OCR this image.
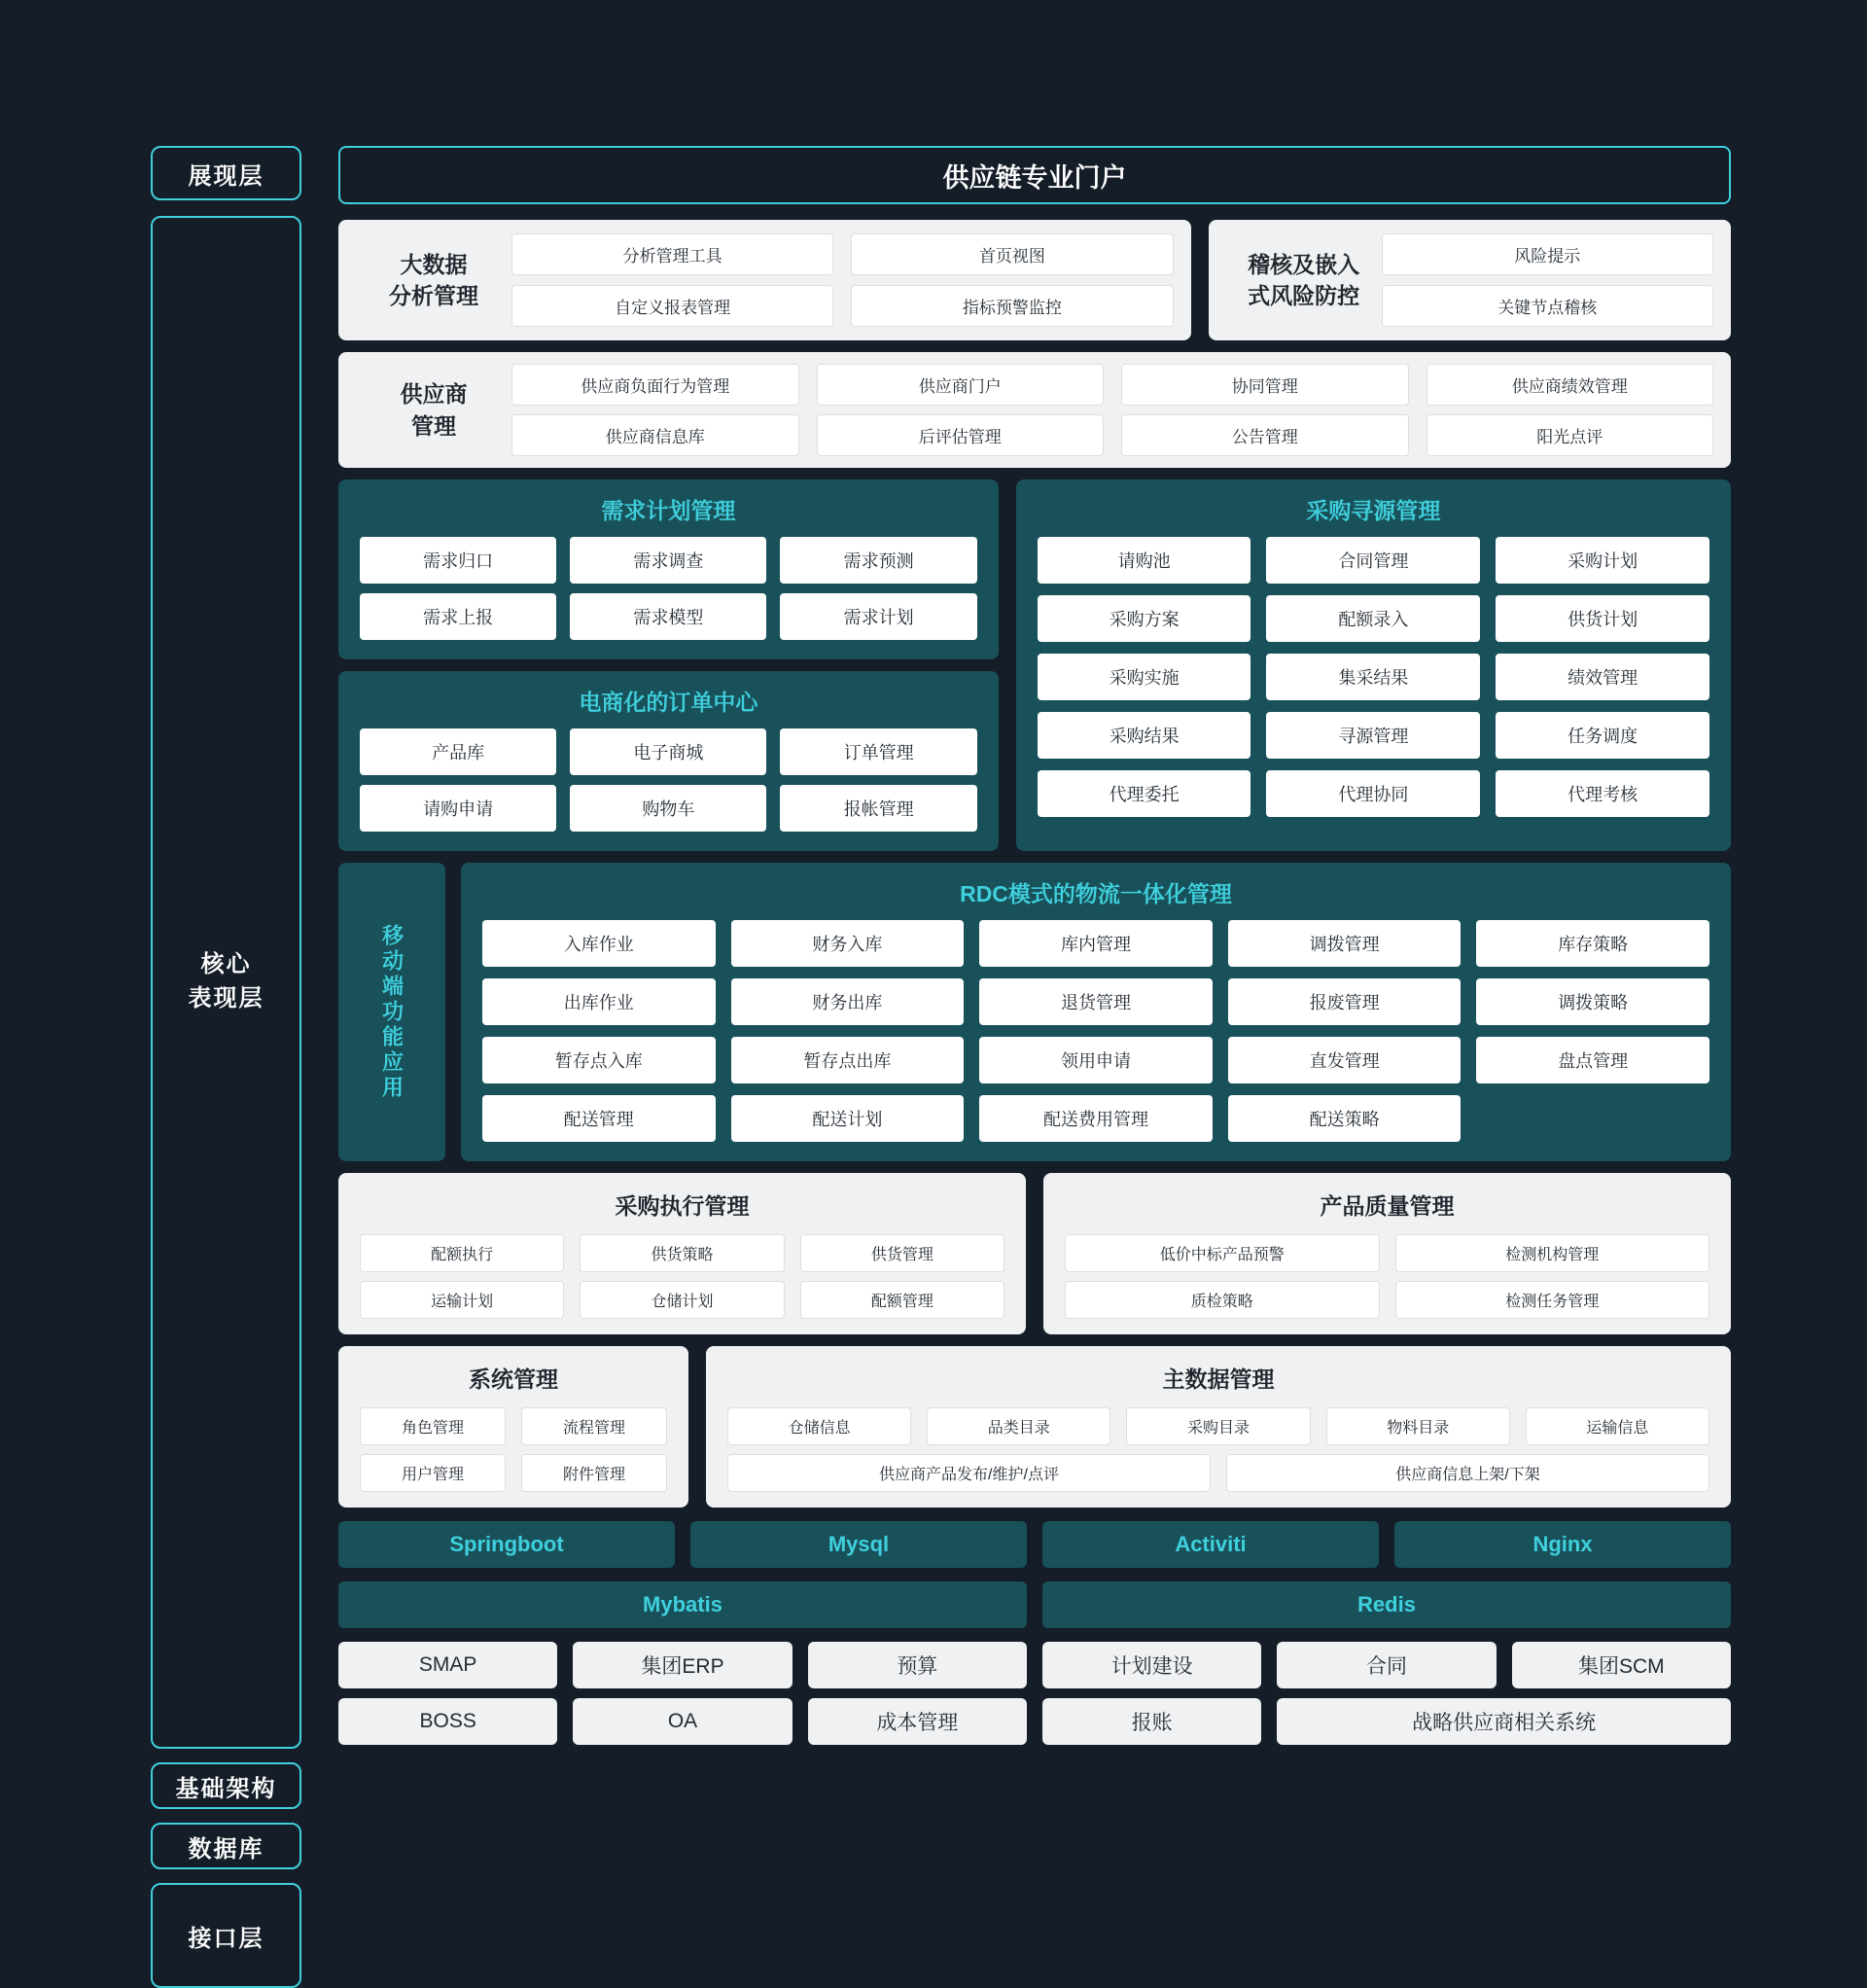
展现层
核心
表现层
基础架构
数据库
接口层
供应链专业门户
大数据
分析管理
分析管理工具	首页视图
自定义报表管理	指标预警监控
稽核及嵌入
式风险防控
风险提示
关键节点稽核
供应商
管理
供应商负面行为管理	供应商门户	协同管理	供应商绩效管理
供应商信息库	后评估管理	公告管理	阳光点评
需求计划管理
需求归口	需求调查	需求预测
需求上报	需求模型	需求计划
电商化的订单中心
产品库	电子商城	订单管理
请购申请	购物车	报帐管理
采购寻源管理
请购池	合同管理	采购计划
采购方案	配额录入	供货计划
采购实施	集采结果	绩效管理
采购结果	寻源管理	任务调度
代理委托	代理协同	代理考核
移动端功能应用
RDC模式的物流一体化管理
入库作业	财务入库	库内管理	调拨管理	库存策略
出库作业	财务出库	退货管理	报废管理	调拨策略
暂存点入库	暂存点出库	领用申请	直发管理	盘点管理
配送管理	配送计划	配送费用管理	配送策略
采购执行管理
配额执行	供货策略	供货管理
运输计划	仓储计划	配额管理
产品质量管理
低价中标产品预警	检测机构管理
质检策略	检测任务管理
系统管理
角色管理	流程管理
用户管理	附件管理
主数据管理
仓储信息	品类目录	采购目录	物料目录	运输信息
供应商产品发布/维护/点评	供应商信息上架/下架
Springboot	Mysql	Activiti	Nginx
Mybatis	Redis
SMAP	集团ERP	预算	计划建设	合同	集团SCM
BOSS	OA	成本管理	报账	战略供应商相关系统
